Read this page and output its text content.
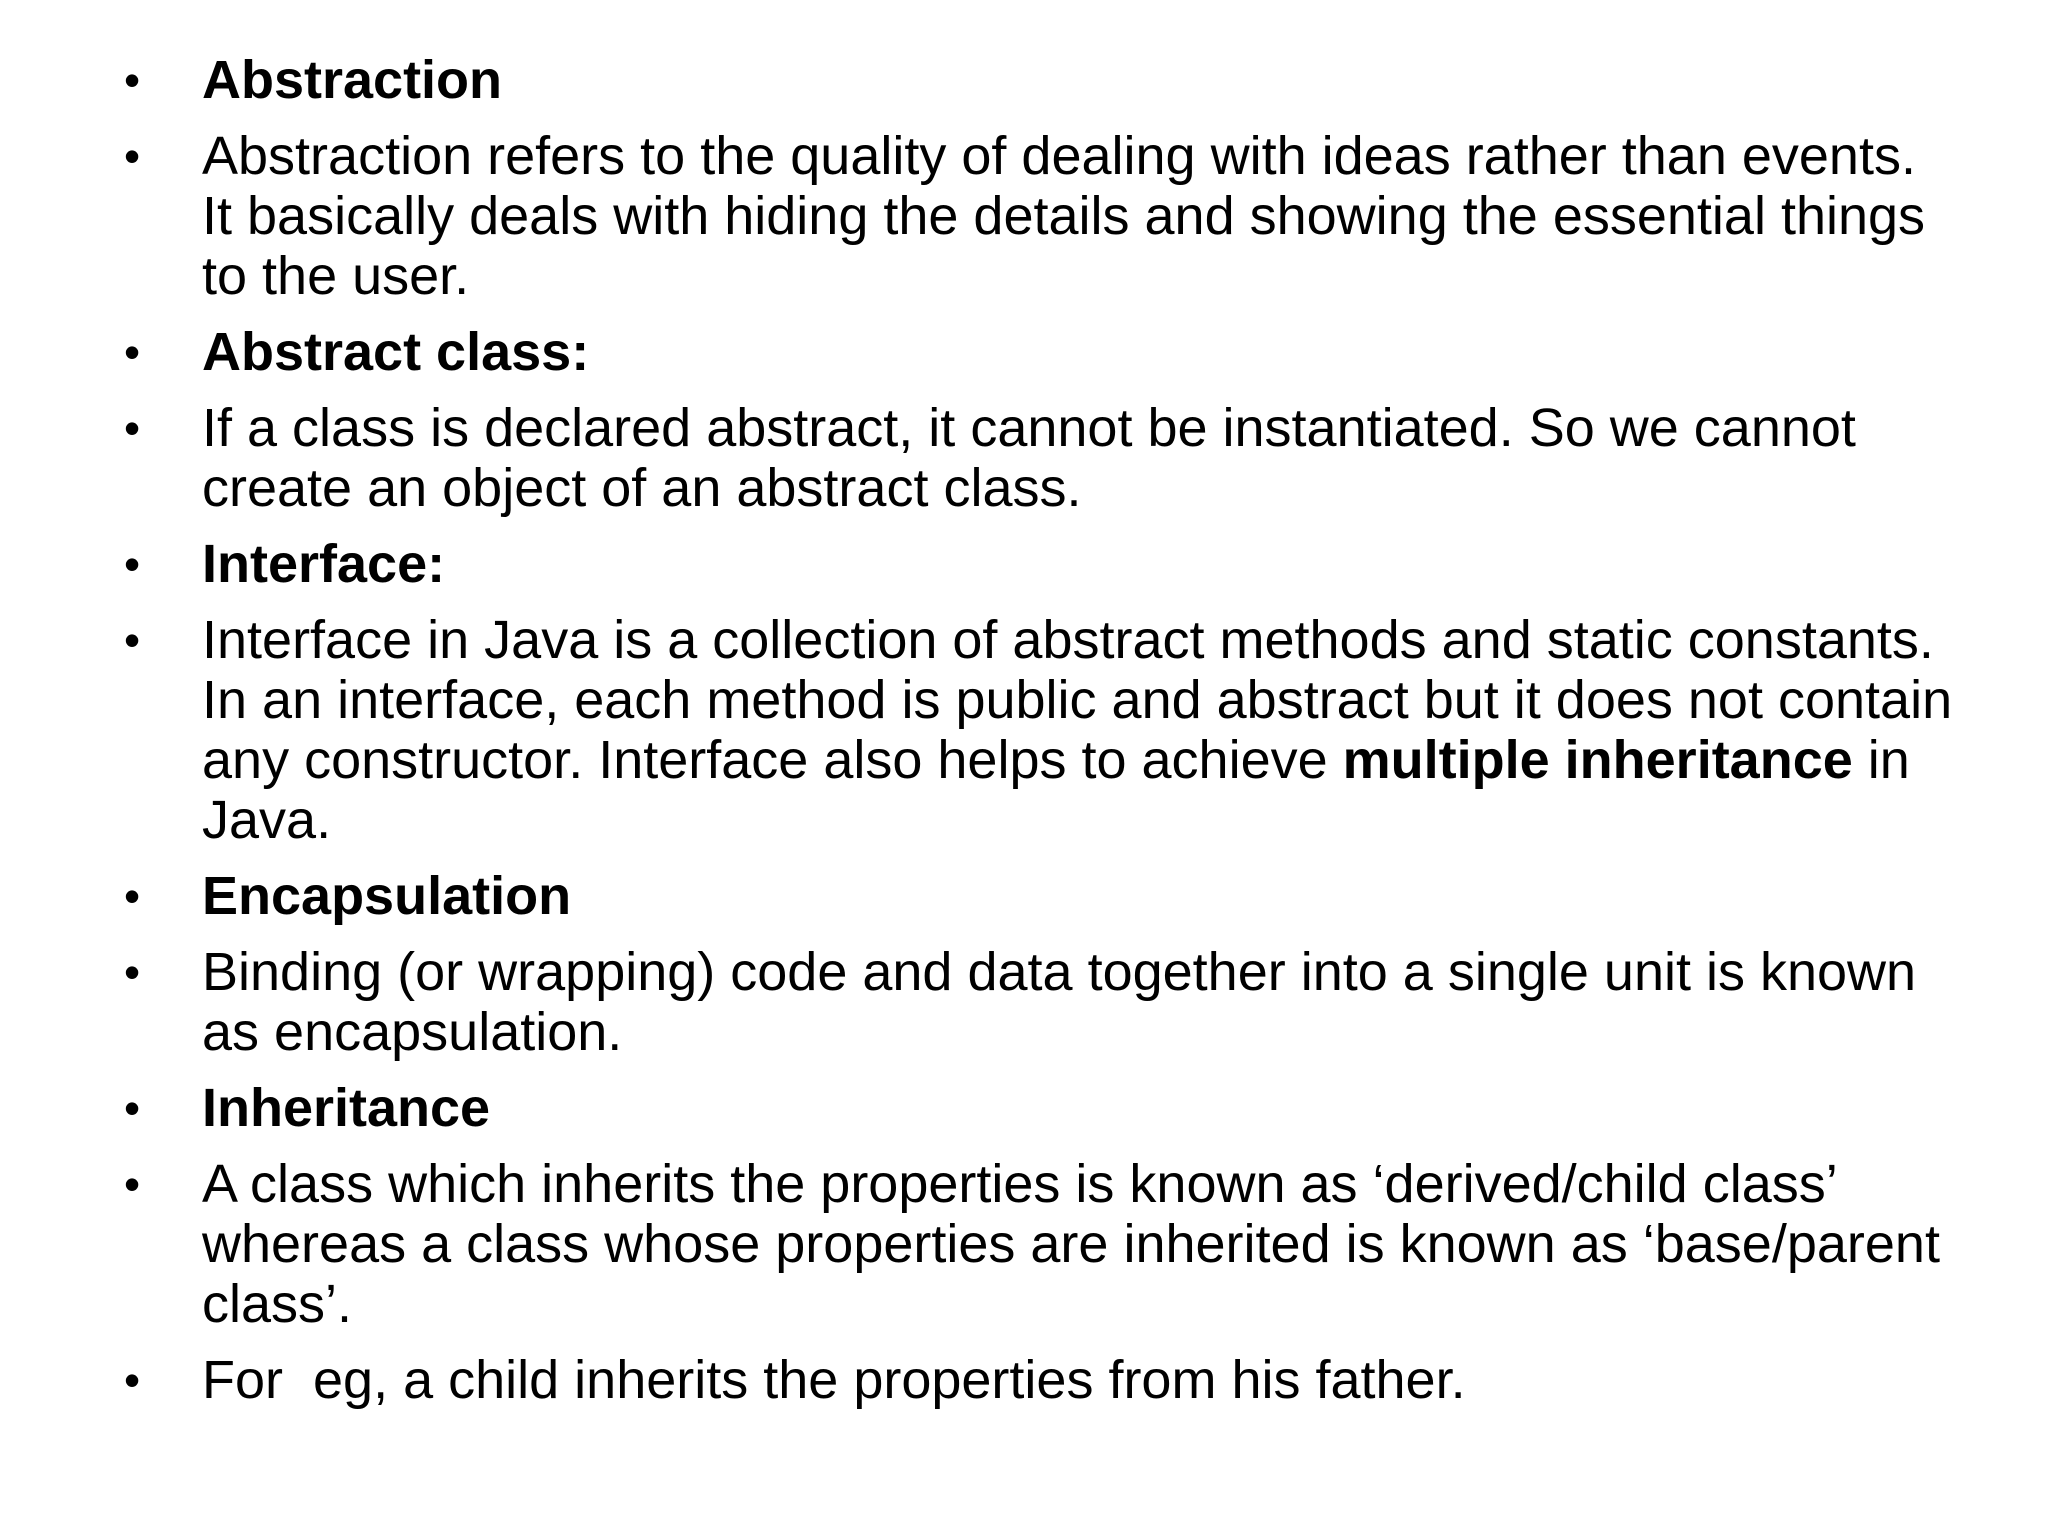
• Abstraction
• Abstraction refers to the quality of dealing with ideas rather than events. It basically deals with hiding the details and showing the essential things to the user.
• Abstract class:
• If a class is declared abstract, it cannot be instantiated. So we cannot create an object of an abstract class.
• Interface:
• Interface in Java is a collection of abstract methods and static constants. In an interface, each method is public and abstract but it does not contain any constructor. Interface also helps to achieve multiple inheritance in Java.
• Encapsulation
• Binding (or wrapping) code and data together into a single unit is known as encapsulation.
• Inheritance
• A class which inherits the properties is known as ‘derived/child class’ whereas a class whose properties are inherited is known as ‘base/parent class’.
• For  eg, a child inherits the properties from his father.
